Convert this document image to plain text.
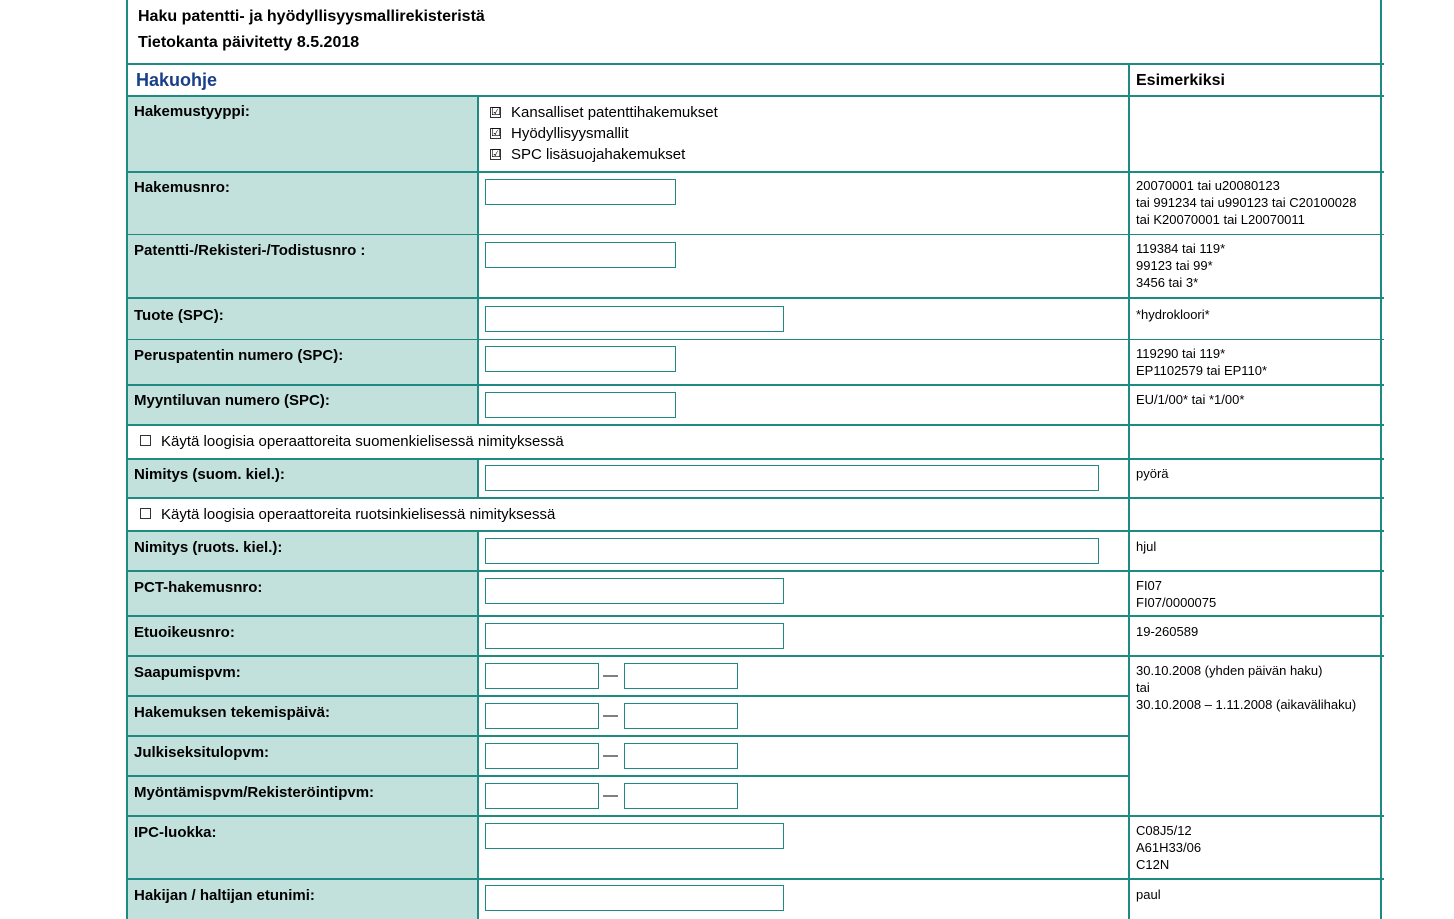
Haku patentti- ja hyödyllisyysmallirekisteristä
Tietokanta päivitetty 8.5.2018
Hakuohje	Esimerkiksi
Hakemustyyppi:	☑ Kansalliset patenttihakemukset
☑ Hyödyllisyysmallit
☑ SPC lisäsuojahakemukset
Hakemusnro:	20070001 tai u20080123
tai 991234 tai u990123 tai C20100028
tai K20070001 tai L20070011
Patentti-/Rekisteri-/Todistusnro :	119384 tai 119*
99123 tai 99*
3456 tai 3*
Tuote (SPC):	*hydrokloori*
Peruspatentin numero (SPC):	119290 tai 119*
EP1102579 tai EP110*
Myyntiluvan numero (SPC):	EU/1/00* tai *1/00*
Käytä loogisia operaattoreita suomenkielisessä nimityksessä
Nimitys (suom. kiel.):	pyörä
Käytä loogisia operaattoreita ruotsinkielisessä nimityksessä
Nimitys (ruots. kiel.):	hjul
PCT-hakemusnro:	FI07
FI07/0000075
Etuoikeusnro:	19-260589
Saapumispvm:	—	30.10.2008 (yhden päivän haku)
tai
30.10.2008 – 1.11.2008 (aikavälihaku)
Hakemuksen tekemispäivä:	—
Julkiseksitulopvm:	—
Myöntämispvm/Rekisteröintipvm:	—
IPC-luokka:	C08J5/12
A61H33/06
C12N
Hakijan / haltijan etunimi:	paul
